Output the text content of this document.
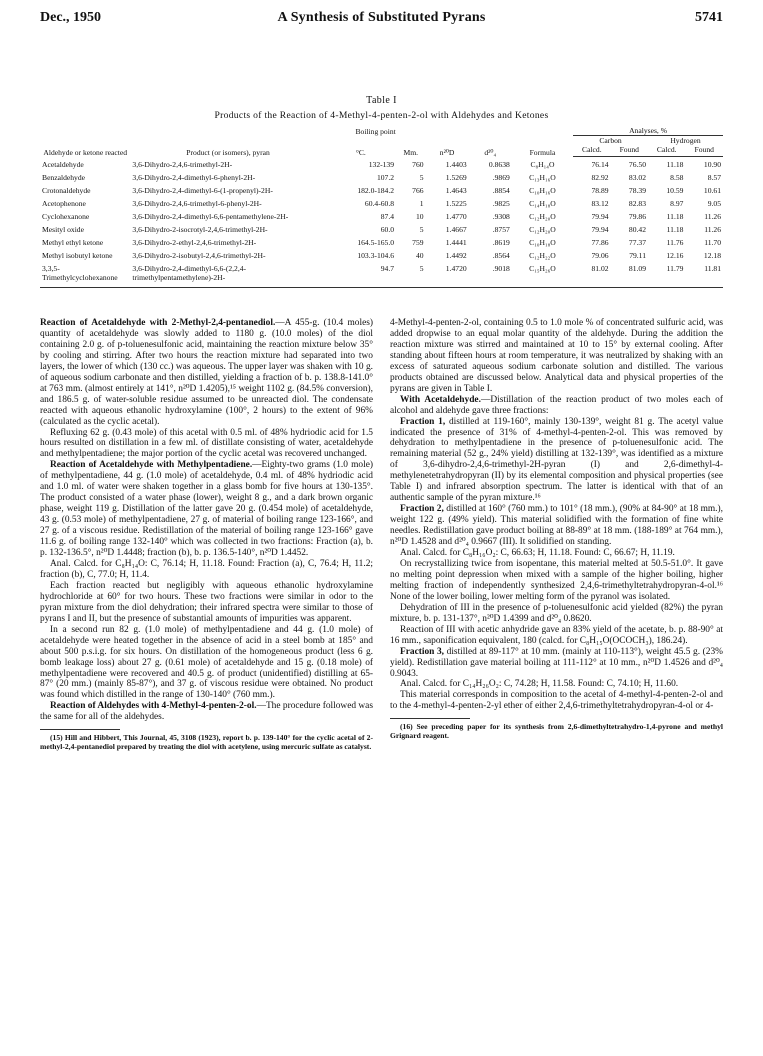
Dec., 1950	A Synthesis of Substituted Pyrans	5741
Table I
Products of the Reaction of 4-Methyl-4-penten-2-ol with Aldehydes and Ketones
Aldehyde or ketone reacted	Product (or isomers), pyran	Boiling point		n²⁰D	d²⁰₄	Formula	Analyses, %			
		°C.	Mm.				Carbon		Hydrogen	
							Calcd.	Found	Calcd.	Found
Acetaldehyde	3,6-Dihydro-2,4,6-trimethyl-2H-	132-139	760	1.4403	0.8638	C₈H₁₄O	76.14	76.50	11.18	10.90
Benzaldehyde	3,6-Dihydro-2,4-dimethyl-6-phenyl-2H-	107.2	5	1.5269	.9869	C₁₃H₁₆O	82.92	83.02	8.58	8.57
Crotonaldehyde	3,6-Dihydro-2,4-dimethyl-6-(1-propenyl)-2H-	182.0-184.2	766	1.4643	.8854	C₁₀H₁₆O	78.89	78.39	10.59	10.61
Acetophenone	3,6-Dihydro-2,4,6-trimethyl-6-phenyl-2H-	60.4-60.8	1	1.5225	.9825	C₁₄H₁₈O	83.12	82.83	8.97	9.05
Cyclohexanone	3,6-Dihydro-2,4-dimethyl-6,6-pentamethylene-2H-	87.4	10	1.4770	.9308	C₁₂H₂₀O	79.94	79.86	11.18	11.26
Mesityl oxide	3,6-Dihydro-2-isocrotyl-2,4,6-trimethyl-2H-	60.0	5	1.4667	.8757	C₁₂H₂₀O	79.94	80.42	11.18	11.26
Methyl ethyl ketone	3,6-Dihydro-2-ethyl-2,4,6-trimethyl-2H-	164.5-165.0	759	1.4441	.8619	C₁₀H₁₈O	77.86	77.37	11.76	11.70
Methyl isobutyl ketone	3,6-Dihydro-2-isobutyl-2,4,6-trimethyl-2H-	103.3-104.6	40	1.4492	.8564	C₁₂H₂₂O	79.06	79.11	12.16	12.18
3,3,5-Trimethylcyclohexanone	3,6-Dihydro-2,4-dimethyl-6,6-(2,2,4-trimethylpentamethylene)-2H-	94.7	5	1.4720	.9018	C₁₅H₂₆O	81.02	81.09	11.79	11.81

Reaction of Acetaldehyde with 2-Methyl-2,4-pentanediol.—A 455-g. (10.4 moles) quantity of acetaldehyde was slowly added to 1180 g. (10.0 moles) of the diol containing 2.0 g. of p-toluenesulfonic acid, maintaining the reaction mixture below 35° by cooling and stirring. After two hours the reaction mixture had separated into two layers, the lower of which (130 cc.) was aqueous. The upper layer was shaken with 10 g. of aqueous sodium carbonate and then distilled, yielding a fraction of b. p. 138.8-141.0° at 763 mm. (almost entirely at 141°, n²⁰D 1.4205),¹⁵ weight 1102 g. (84.5% conversion), and 186.5 g. of water-soluble residue assumed to be unreacted diol. The condensate reacted with aqueous ethanolic hydroxylamine (100°, 2 hours) to the extent of 96% (calculated as the cyclic acetal).

Refluxing 62 g. (0.43 mole) of this acetal with 0.5 ml. of 48% hydriodic acid for 1.5 hours resulted on distillation in a few ml. of distillate consisting of water, acetaldehyde and methylpentadiene; the major portion of the cyclic acetal was recovered unchanged.

Reaction of Acetaldehyde with Methylpentadiene.—Eighty-two grams (1.0 mole) of methylpentadiene, 44 g. (1.0 mole) of acetaldehyde, 0.4 ml. of 48% hydriodic acid and 1.0 ml. of water were shaken together in a glass bomb for five hours at 130-135°. The product consisted of a water phase (lower), weight 8 g., and a dark brown organic phase, weight 119 g. Distillation of the latter gave 20 g. (0.454 mole) of acetaldehyde, 43 g. (0.53 mole) of methylpentadiene, 27 g. of material of boiling range 123-166°, and 27 g. of a viscous residue. Redistillation of the material of boiling range 123-166° gave 11.6 g. of boiling range 132-140° which was collected in two fractions: Fraction (a), b. p. 132-136.5°, n²⁰D 1.4448; fraction (b), b. p. 136.5-140°, n²⁰D 1.4452.

Anal. Calcd. for C₈H₁₄O: C, 76.14; H, 11.18. Found: Fraction (a), C, 76.4; H, 11.2; fraction (b), C, 77.0; H, 11.4.

Each fraction reacted but negligibly with aqueous ethanolic hydroxylamine hydrochloride at 60° for two hours. These two fractions were similar in odor to the pyran mixture from the diol dehydration; their infrared spectra were similar to those of pyrans I and II, but the presence of substantial amounts of impurities was apparent.

In a second run 82 g. (1.0 mole) of methylpentadiene and 44 g. (1.0 mole) of acetaldehyde were heated together in the absence of acid in a steel bomb at 185° and about 500 p.s.i.g. for six hours. On distillation of the homogeneous product (less 6 g. bomb leakage loss) about 27 g. (0.61 mole) of acetaldehyde and 15 g. (0.18 mole) of methylpentadiene were recovered and 40.5 g. of product (unidentified) distilling at 65-87° (20 mm.) (mainly 85-87°), and 37 g. of viscous residue were obtained. No product was found which distilled in the range of 130-140° (760 mm.).

Reaction of Aldehydes with 4-Methyl-4-penten-2-ol.—The procedure followed was the same for all of the aldehydes.

(15) Hill and Hibbert, This Journal, 45, 3108 (1923), report b. p. 139-140° for the cyclic acetal of 2-methyl-2,4-pentanediol prepared by treating the diol with acetylene, using mercuric sulfate as catalyst.

4-Methyl-4-penten-2-ol, containing 0.5 to 1.0 mole % of concentrated sulfuric acid, was added dropwise to an equal molar quantity of the aldehyde. During the addition the reaction mixture was stirred and maintained at 10 to 15° by external cooling. After standing about fifteen hours at room temperature, it was neutralized by shaking with an excess of saturated aqueous sodium carbonate solution and distilled. The various products obtained are discussed below. Analytical data and physical properties of the pyrans are given in Table I.

With Acetaldehyde.—Distillation of the reaction product of two moles each of alcohol and aldehyde gave three fractions:

Fraction 1, distilled at 119-160°, mainly 130-139°, weight 81 g. The acetyl value indicated the presence of 31% of 4-methyl-4-penten-2-ol. This was removed by dehydration to methylpentadiene in the presence of p-toluenesulfonic acid. The remaining material (52 g., 24% yield) distilling at 132-139°, was identified as a mixture of 3,6-dihydro-2,4,6-trimethyl-2H-pyran (I) and 2,6-dimethyl-4-methylenetetrahydropyran (II) by its elemental composition and physical properties (see Table I) and infrared absorption spectrum. The latter is identical with that of an authentic sample of the pyran mixture.¹⁶

Fraction 2, distilled at 160° (760 mm.) to 101° (18 mm.), (90% at 84-90° at 18 mm.), weight 122 g. (49% yield). This material solidified with the formation of fine white needles. Redistillation gave product boiling at 88-89° at 18 mm. (188-189° at 764 mm.), n²⁰D 1.4528 and d²⁰₄ 0.9667 (III). It solidified on standing.

Anal. Calcd. for C₈H₁₆O₂: C, 66.63; H, 11.18. Found: C, 66.67; H, 11.19.

On recrystallizing twice from isopentane, this material melted at 50.5-51.0°. It gave no melting point depression when mixed with a sample of the higher boiling, higher melting fraction of independently synthesized 2,4,6-trimethyltetrahydropyran-4-ol.¹⁶ None of the lower boiling, lower melting form of the pyranol was isolated.

Dehydration of III in the presence of p-toluenesulfonic acid yielded (82%) the pyran mixture, b. p. 131-137°, n²⁰D 1.4399 and d²⁰₄ 0.8620.

Reaction of III with acetic anhydride gave an 83% yield of the acetate, b. p. 88-90° at 16 mm., saponification equivalent, 180 (calcd. for C₈H₁₅O(OCOCH₃), 186.24).

Fraction 3, distilled at 89-117° at 10 mm. (mainly at 110-113°), weight 45.5 g. (23% yield). Redistillation gave material boiling at 111-112° at 10 mm., n²⁰D 1.4526 and d²⁰₄ 0.9043.

Anal. Calcd. for C₁₄H₂₆O₂: C, 74.28; H, 11.58. Found: C, 74.10; H, 11.60.

This material corresponds in composition to the acetal of 4-methyl-4-penten-2-ol and to the 4-methyl-4-penten-2-yl ether of either 2,4,6-trimethyltetrahydropyran-4-ol or 4-

(16) See preceding paper for its synthesis from 2,6-dimethyltetrahydro-1,4-pyrone and methyl Grignard reagent.
